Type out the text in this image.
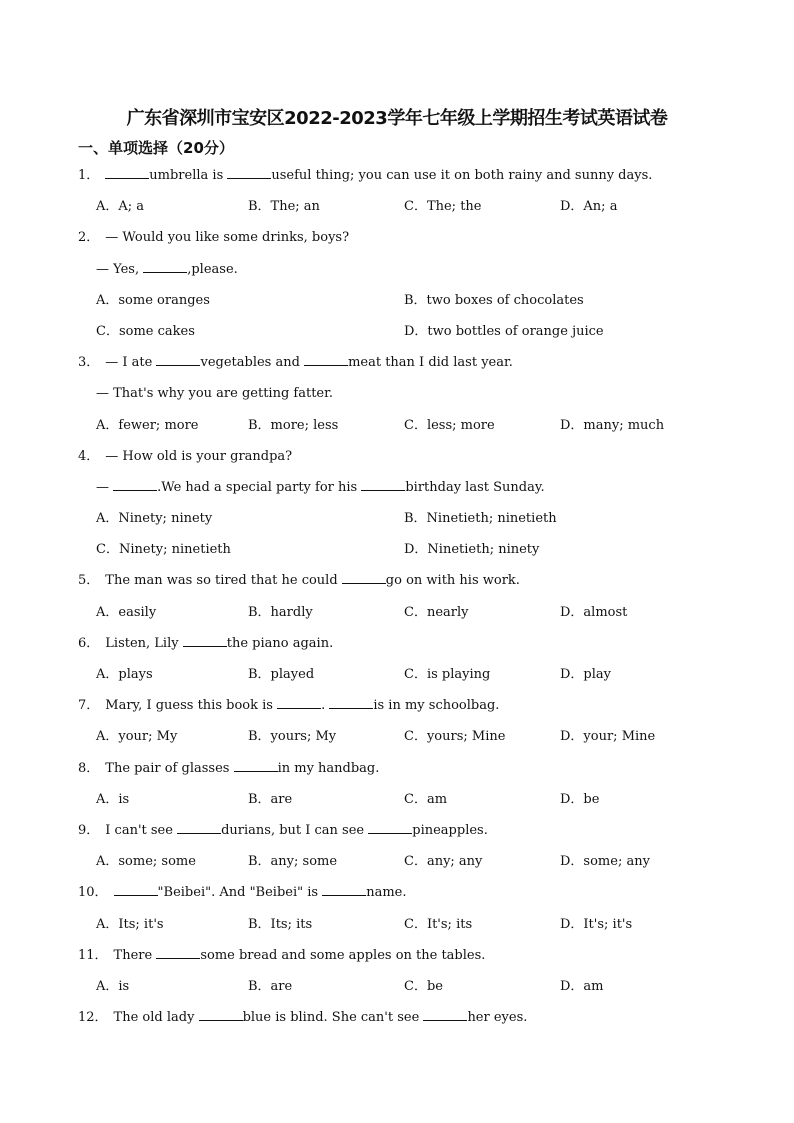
广东省深圳市宝安区2022-2023学年七年级上学期招生考试英语试卷
一、单项选择（20分）
1．	umbrella is	useful thing; you can use it on both rainy and sunny days.
A．A; a	B．The; an	C．The; the	D．An; a
2． — Would you like some drinks, boys?
— Yes,	,please.
A．some oranges	B．two boxes of chocolates
C．some cakes	D．two bottles of orange juice
3． — I ate	vegetables and	meat than I did last year.
— That's why you are getting fatter.
A．fewer; more	B．more; less	C．less; more	D．many; much
4． — How old is your grandpa?
—	.We had a special party for his	birthday last Sunday.
A．Ninety; ninety	B．Ninetieth; ninetieth
C．Ninety; ninetieth	D．Ninetieth; ninety
5． The man was so tired that he could	go on with his work.
A．easily	B．hardly	C．nearly	D．almost
6． Listen, Lily	the piano again.
A．plays	B．played	C．is playing	D．play
7． Mary, I guess this book is	.	is in my schoolbag.
A．your; My	B．yours; My	C．yours; Mine	D．your; Mine
8． The pair of glasses	in my handbag.
A．is	B．are	C．am	D．be
9． I can't see	durians, but I can see	pineapples.
A．some; some	B．any; some	C．any; any	D．some; any
10．	"Beibei". And "Beibei" is	name.
A．Its; it's	B．Its; its	C．It's; its	D．It's; it's
11． There	some bread and some apples on the tables.
A．is	B．are	C．be	D．am
12． The old lady	blue is blind. She can't see	her eyes.
